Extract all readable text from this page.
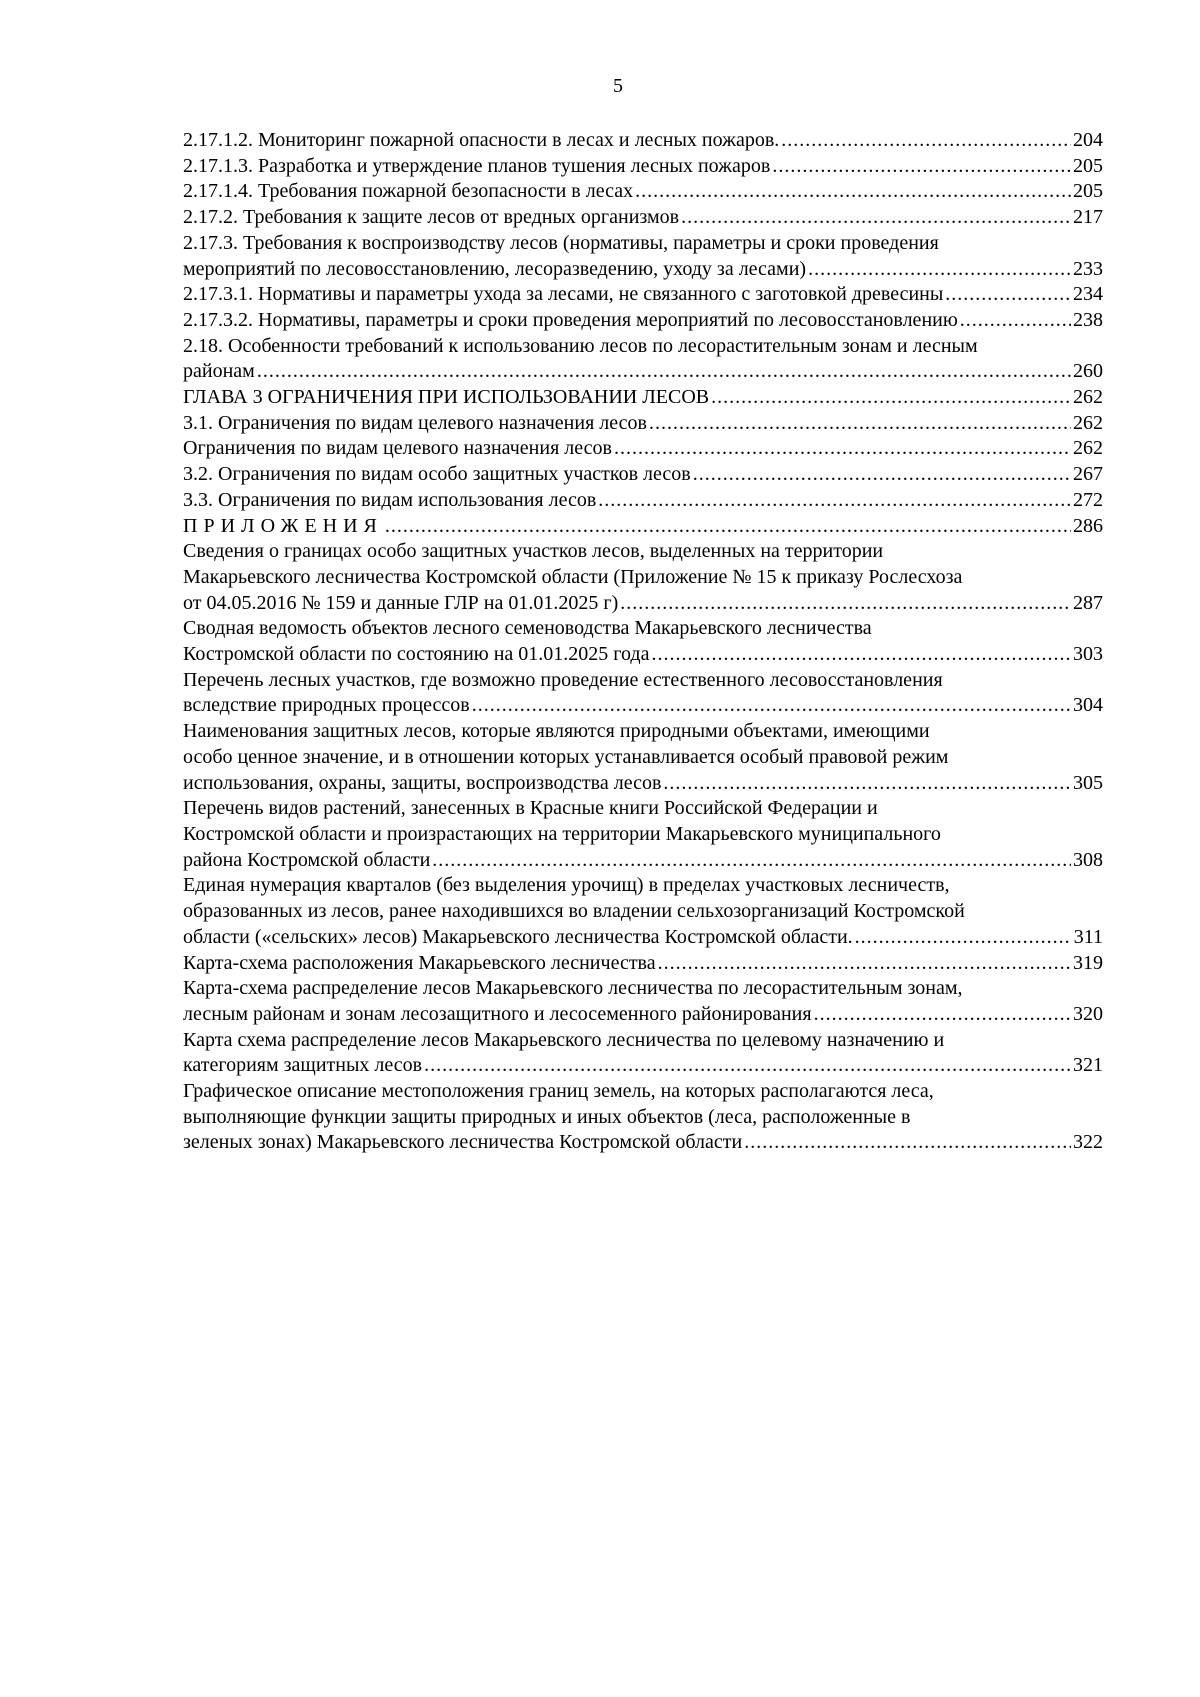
5
2.17.1.2. Мониторинг пожарной опасности в лесах и лесных пожаров. .....	204
2.17.1.3. Разработка и утверждение планов тушения лесных пожаров .....	205
2.17.1.4. Требования пожарной безопасности в лесах .....	205
2.17.2. Требования к защите лесов от вредных организмов .....	217
2.17.3. Требования к воспроизводству лесов (нормативы, параметры и сроки проведения
мероприятий по лесовосстановлению, лесоразведению, уходу за лесами) .....	233
2.17.3.1. Нормативы и параметры ухода за лесами, не связанного с заготовкой древесины .....	234
2.17.3.2. Нормативы, параметры и сроки проведения мероприятий по лесовосстановлению .....	238
2.18. Особенности требований к использованию лесов по лесорастительным зонам и лесным
районам .....	260
ГЛАВА 3 ОГРАНИЧЕНИЯ ПРИ ИСПОЛЬЗОВАНИИ ЛЕСОВ .....	262
3.1. Ограничения по видам целевого назначения лесов .....	262
Ограничения по видам целевого назначения лесов .....	262
3.2. Ограничения по видам особо защитных участков лесов .....	267
3.3. Ограничения по видам использования лесов .....	272
ПРИЛОЖЕНИЯ .....	286
Сведения о границах особо защитных участков лесов, выделенных на территории
Макарьевского лесничества Костромской области (Приложение № 15 к приказу Рослесхоза
от 04.05.2016 № 159 и данные ГЛР на 01.01.2025 г) .....	287
Сводная ведомость объектов лесного семеноводства Макарьевского лесничества
Костромской области по состоянию на 01.01.2025 года .....	303
Перечень лесных участков, где возможно проведение естественного лесовосстановления
вследствие природных процессов .....	304
Наименования защитных лесов, которые являются природными объектами, имеющими
особо ценное значение, и в отношении которых устанавливается особый правовой режим
использования, охраны, защиты, воспроизводства лесов .....	305
Перечень видов растений, занесенных в Красные книги Российской Федерации и
Костромской области и произрастающих на территории Макарьевского муниципального
района Костромской области .....	308
Единая нумерация кварталов (без выделения урочищ) в пределах участковых лесничеств,
образованных из лесов, ранее находившихся во владении сельхозорганизаций Костромской
области («сельских» лесов) Макарьевского лесничества Костромской области. .....	311
Карта-схема расположения Макарьевского лесничества .....	319
Карта-схема распределение лесов Макарьевского лесничества по лесорастительным зонам,
лесным районам и зонам лесозащитного и лесосеменного районирования .....	320
Карта схема распределение лесов Макарьевского лесничества по целевому назначению и
категориям защитных лесов .....	321
Графическое описание местоположения границ земель, на которых располагаются леса,
выполняющие функции защиты природных и иных объектов (леса, расположенные в
зеленых зонах) Макарьевского лесничества Костромской области .....	322
